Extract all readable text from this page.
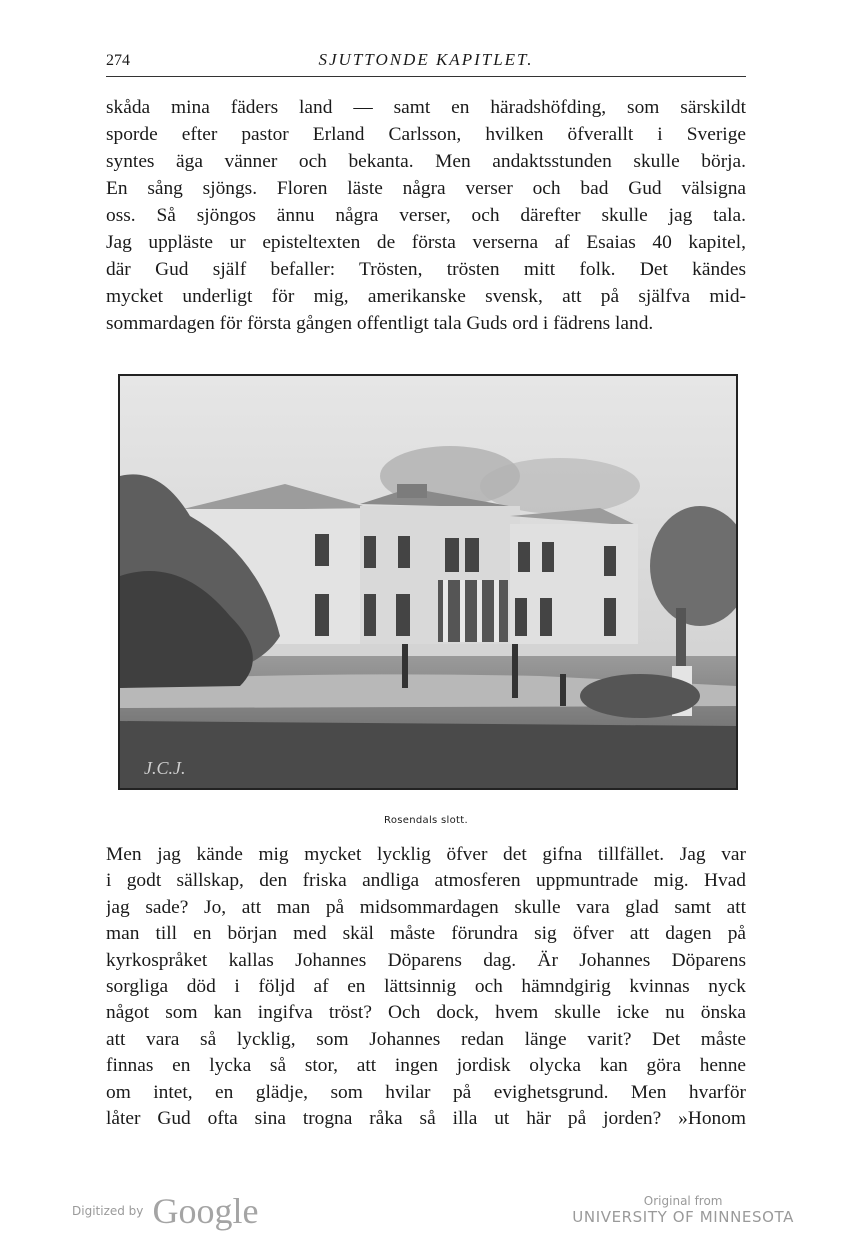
274	SJUTTONDE KAPITLET.
skåda mina fäders land — samt en häradshöfding, som särskildt
sporde efter pastor Erland Carlsson, hvilken öfverallt i Sverige
syntes äga vänner och bekanta. Men andaktsstunden skulle börja.
En sång sjöngs. Floren läste några verser och bad Gud välsigna
oss. Så sjöngos ännu några verser, och därefter skulle jag tala.
Jag uppläste ur episteltexten de första verserna af Esaias 40 kapitel,
där Gud själf befaller: Trösten, trösten mitt folk. Det kändes
mycket underligt för mig, amerikanske svensk, att på själfva mid-
sommardagen för första gången offentligt tala Guds ord i fädrens land.
J.C.J.
Rosendals slott.
Men jag kände mig mycket lycklig öfver det gifna tillfället. Jag var
i godt sällskap, den friska andliga atmosferen uppmuntrade mig. Hvad
jag sade? Jo, att man på midsommardagen skulle vara glad samt att
man till en början med skäl måste förundra sig öfver att dagen på
kyrkospråket kallas Johannes Döparens dag. Är Johannes Döparens
sorgliga död i följd af en lättsinnig och hämndgirig kvinnas nyck
något som kan ingifva tröst? Och dock, hvem skulle icke nu önska
att vara så lycklig, som Johannes redan länge varit? Det måste
finnas en lycka så stor, att ingen jordisk olycka kan göra henne
om intet, en glädje, som hvilar på evighetsgrund. Men hvarför
låter Gud ofta sina trogna råka så illa ut här på jorden? »Honom
Digitized by Google	Original from
UNIVERSITY OF MINNESOTA
